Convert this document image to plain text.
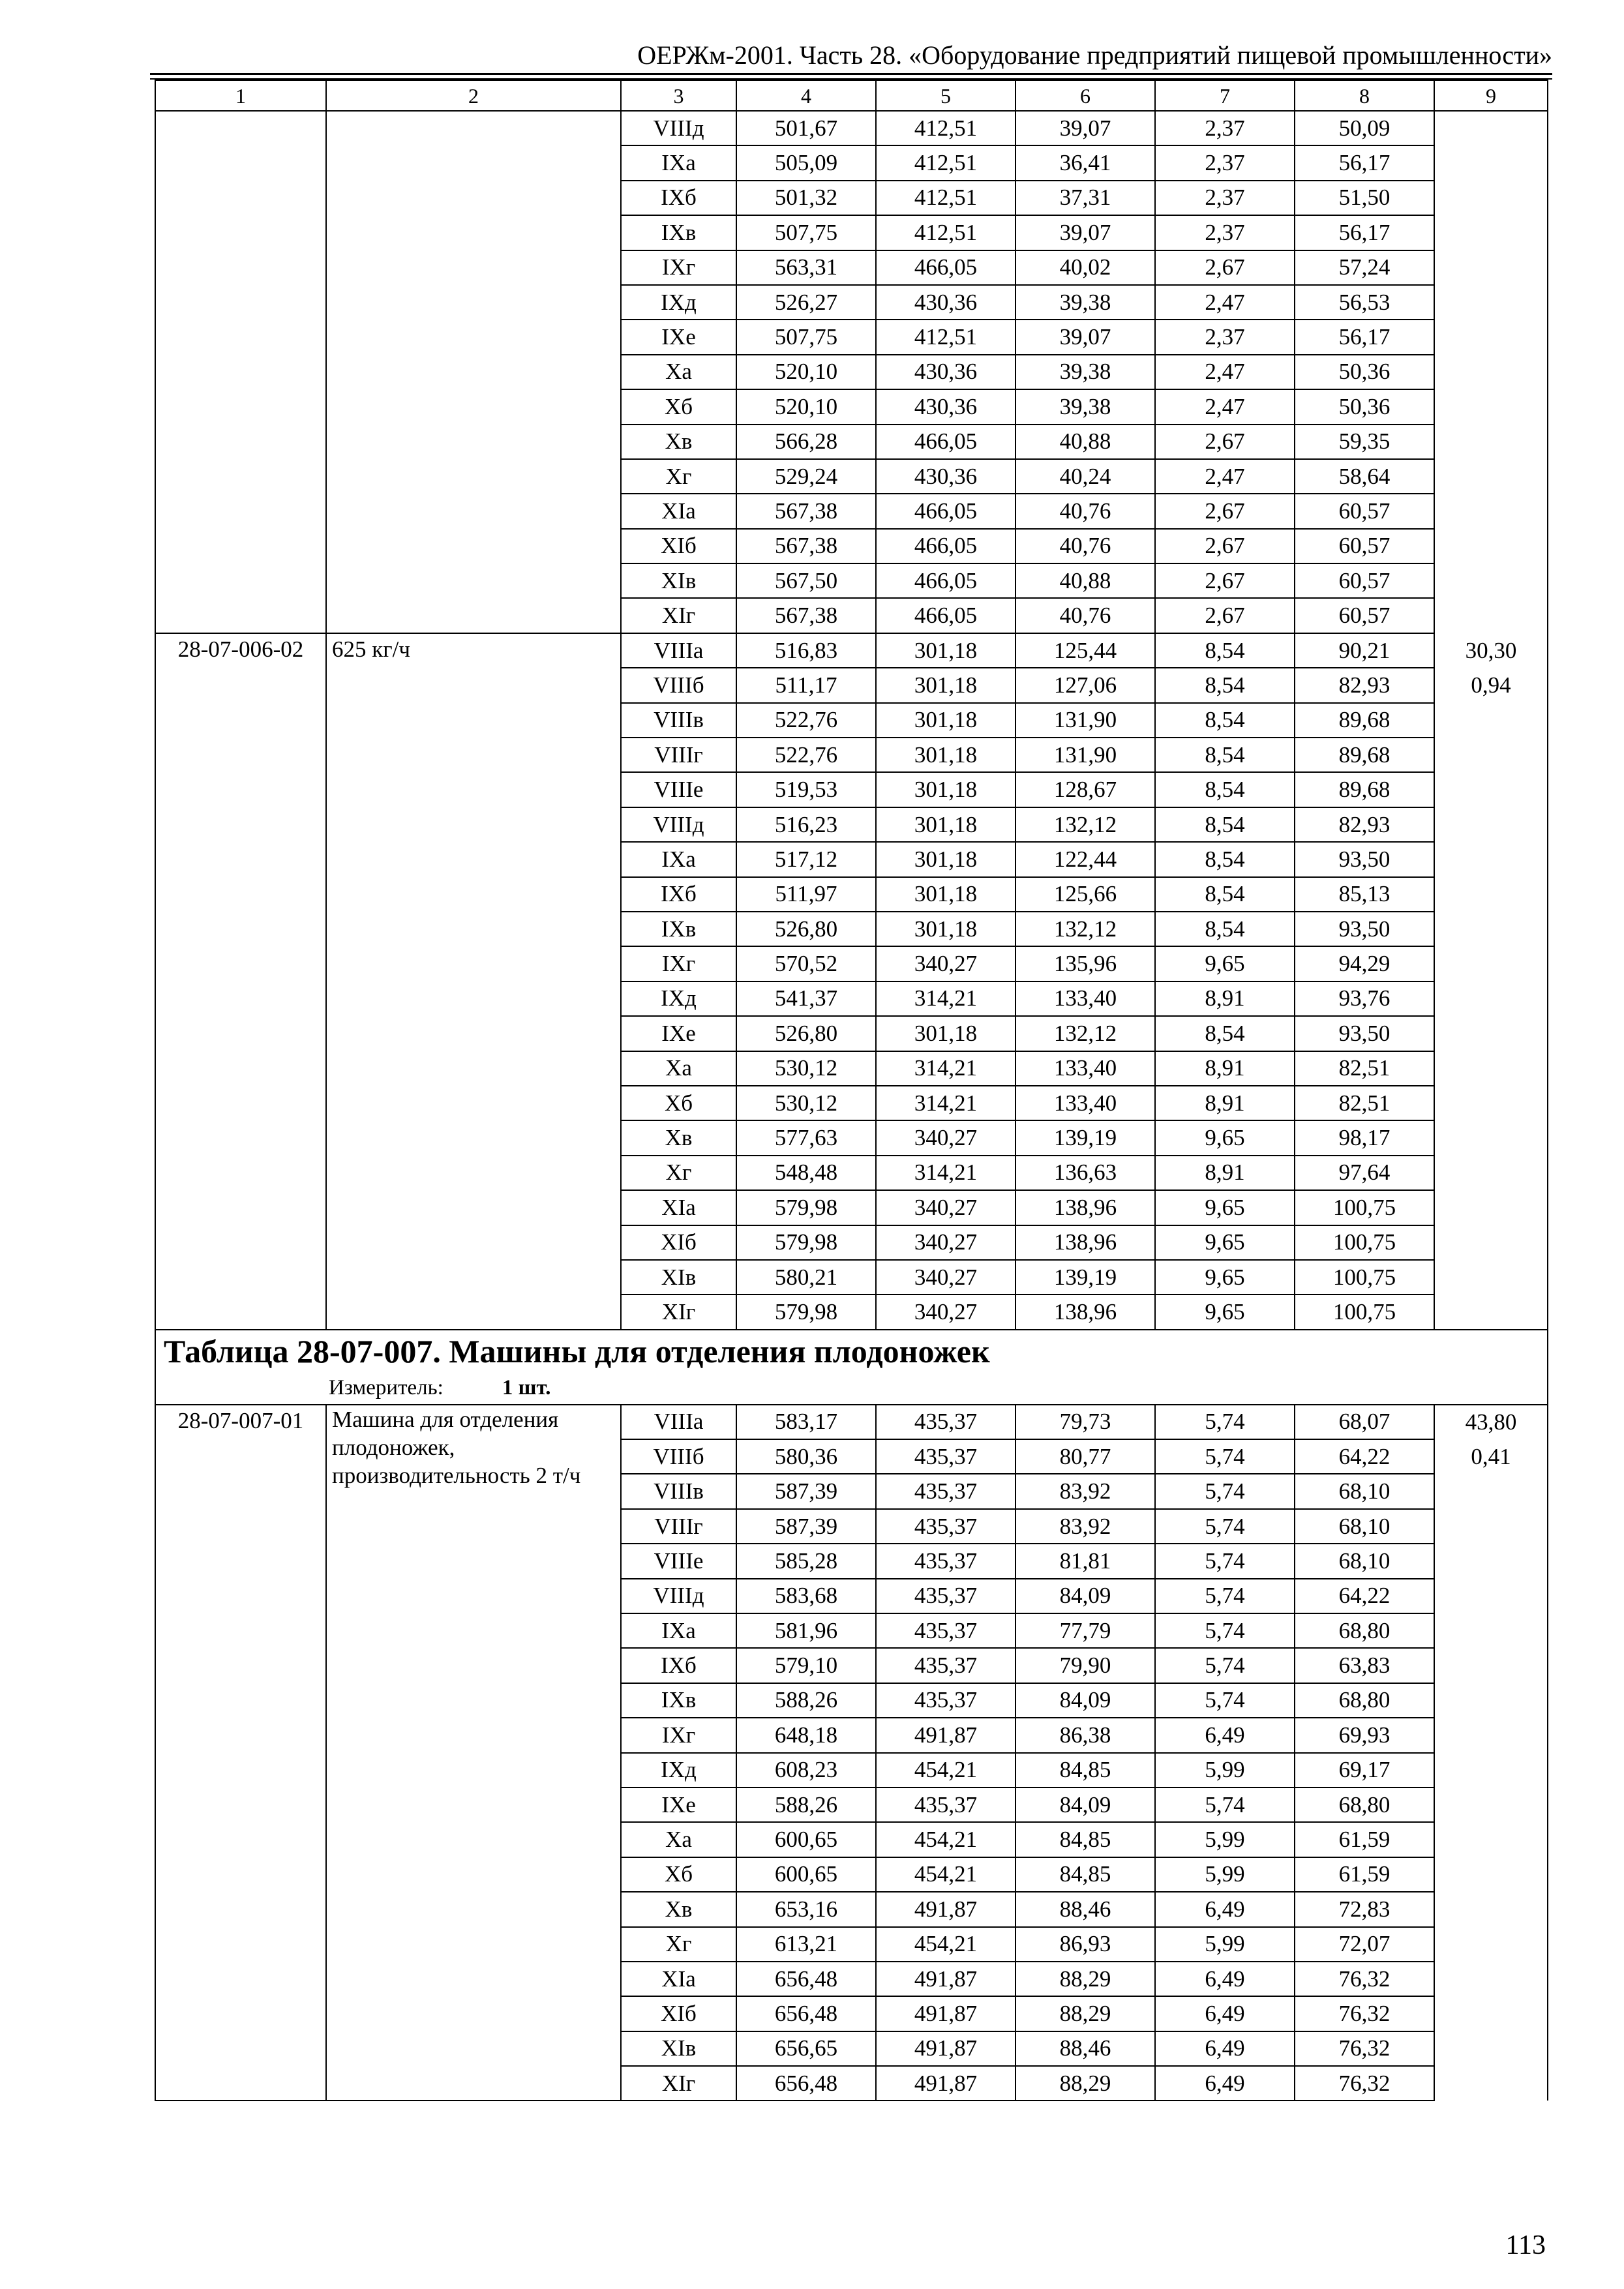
ОЕРЖм-2001. Часть 28. «Оборудование предприятий пищевой промышленности»
1	2	3	4	5	6	7	8	9
		VIIIд	501,67	412,51	39,07	2,37	50,09	
		IXа	505,09	412,51	36,41	2,37	56,17	
		IXб	501,32	412,51	37,31	2,37	51,50	
		IXв	507,75	412,51	39,07	2,37	56,17	
		IXг	563,31	466,05	40,02	2,67	57,24	
		IXд	526,27	430,36	39,38	2,47	56,53	
		IXе	507,75	412,51	39,07	2,37	56,17	
		Xа	520,10	430,36	39,38	2,47	50,36	
		Xб	520,10	430,36	39,38	2,47	50,36	
		Xв	566,28	466,05	40,88	2,67	59,35	
		Xг	529,24	430,36	40,24	2,47	58,64	
		XIа	567,38	466,05	40,76	2,67	60,57	
		XIб	567,38	466,05	40,76	2,67	60,57	
		XIв	567,50	466,05	40,88	2,67	60,57	
		XIг	567,38	466,05	40,76	2,67	60,57	
28-07-006-02	625 кг/ч	VIIIа	516,83	301,18	125,44	8,54	90,21	30,30
		VIIIб	511,17	301,18	127,06	8,54	82,93	0,94
		VIIIв	522,76	301,18	131,90	8,54	89,68	
		VIIIг	522,76	301,18	131,90	8,54	89,68	
		VIIIе	519,53	301,18	128,67	8,54	89,68	
		VIIIд	516,23	301,18	132,12	8,54	82,93	
		IXа	517,12	301,18	122,44	8,54	93,50	
		IXб	511,97	301,18	125,66	8,54	85,13	
		IXв	526,80	301,18	132,12	8,54	93,50	
		IXг	570,52	340,27	135,96	9,65	94,29	
		IXд	541,37	314,21	133,40	8,91	93,76	
		IXе	526,80	301,18	132,12	8,54	93,50	
		Xа	530,12	314,21	133,40	8,91	82,51	
		Xб	530,12	314,21	133,40	8,91	82,51	
		Xв	577,63	340,27	139,19	9,65	98,17	
		Xг	548,48	314,21	136,63	8,91	97,64	
		XIа	579,98	340,27	138,96	9,65	100,75	
		XIб	579,98	340,27	138,96	9,65	100,75	
		XIв	580,21	340,27	139,19	9,65	100,75	
		XIг	579,98	340,27	138,96	9,65	100,75	
Таблица 28-07-007. Машины для отделения плодоножек								
Измеритель: 1 шт.								
28-07-007-01	Машина для отделения плодоножек, производительность 2 т/ч	VIIIа	583,17	435,37	79,73	5,74	68,07	43,80
		VIIIб	580,36	435,37	80,77	5,74	64,22	0,41
		VIIIв	587,39	435,37	83,92	5,74	68,10	
		VIIIг	587,39	435,37	83,92	5,74	68,10	
		VIIIе	585,28	435,37	81,81	5,74	68,10	
		VIIIд	583,68	435,37	84,09	5,74	64,22	
		IXа	581,96	435,37	77,79	5,74	68,80	
		IXб	579,10	435,37	79,90	5,74	63,83	
		IXв	588,26	435,37	84,09	5,74	68,80	
		IXг	648,18	491,87	86,38	6,49	69,93	
		IXд	608,23	454,21	84,85	5,99	69,17	
		IXе	588,26	435,37	84,09	5,74	68,80	
		Xа	600,65	454,21	84,85	5,99	61,59	
		Xб	600,65	454,21	84,85	5,99	61,59	
		Xв	653,16	491,87	88,46	6,49	72,83	
		Xг	613,21	454,21	86,93	5,99	72,07	
		XIа	656,48	491,87	88,29	6,49	76,32	
		XIб	656,48	491,87	88,29	6,49	76,32	
		XIв	656,65	491,87	88,46	6,49	76,32	
		XIг	656,48	491,87	88,29	6,49	76,32	
113
